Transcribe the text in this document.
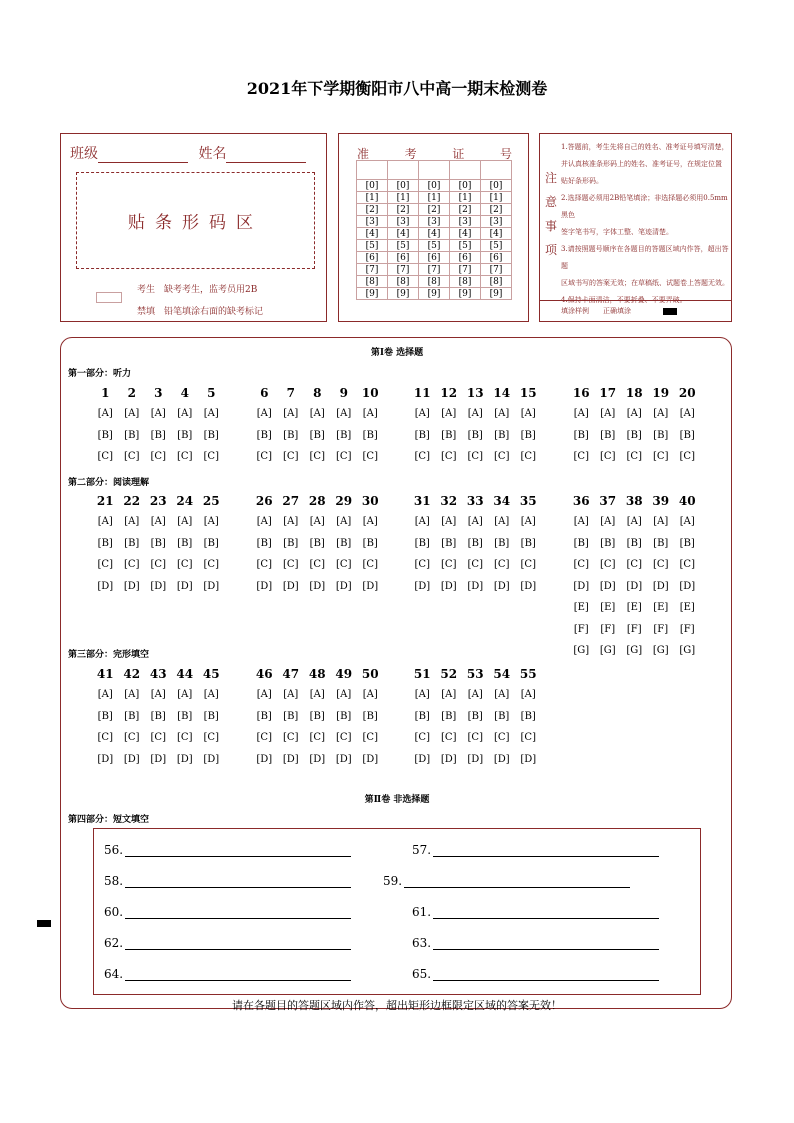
2021年下学期衡阳市八中高一期末检测卷
班级	姓名
贴条形码区
考生　缺考考生，监考员用2B
禁填　铅笔填涂右面的缺考标记
准	考	证	号

[0]	[0]	[0]	[0]	[0]
[1]	[1]	[1]	[1]	[1]
[2]	[2]	[2]	[2]	[2]
[3]	[3]	[3]	[3]	[3]
[4]	[4]	[4]	[4]	[4]
[5]	[5]	[5]	[5]	[5]
[6]	[6]	[6]	[6]	[6]
[7]	[7]	[7]	[7]	[7]
[8]	[8]	[8]	[8]	[8]
[9]	[9]	[9]	[9]	[9]
注
意
事
项
1.答题前，考生先将自己的姓名、准考证号填写清楚，
并认真核准条形码上的姓名、准考证号，在规定位置
贴好条形码。
2.选择题必须用2B铅笔填涂；非选择题必须用0.5mm黑色
签字笔书写，字体工整、笔迹清楚。
3.请按照题号顺序在各题目的答题区域内作答，超出答题
区域书写的答案无效；在草稿纸、试题卷上答题无效。
4.保持卡面清洁，不要折叠、不要弄破。
填涂样例　　 正确填涂
第Ⅰ卷 选择题
第一部分：听力
第二部分：阅读理解
第三部分：完形填空
1 2 3 4 5
[A] [A] [A] [A] [A]
[B] [B] [B] [B] [B]
[C] [C] [C] [C] [C]
6 7 8 9 10
[A] [A] [A] [A] [A]
[B] [B] [B] [B] [B]
[C] [C] [C] [C] [C]
11 12 13 14 15
[A] [A] [A] [A] [A]
[B] [B] [B] [B] [B]
[C] [C] [C] [C] [C]
16 17 18 19 20
[A] [A] [A] [A] [A]
[B] [B] [B] [B] [B]
[C] [C] [C] [C] [C]
21 22 23 24 25
[A] [A] [A] [A] [A]
[B] [B] [B] [B] [B]
[C] [C] [C] [C] [C]
[D] [D] [D] [D] [D]
26 27 28 29 30
[A] [A] [A] [A] [A]
[B] [B] [B] [B] [B]
[C] [C] [C] [C] [C]
[D] [D] [D] [D] [D]
31 32 33 34 35
[A] [A] [A] [A] [A]
[B] [B] [B] [B] [B]
[C] [C] [C] [C] [C]
[D] [D] [D] [D] [D]
36 37 38 39 40
[A] [A] [A] [A] [A]
[B] [B] [B] [B] [B]
[C] [C] [C] [C] [C]
[D] [D] [D] [D] [D]
[E] [E] [E] [E] [E]
[F] [F] [F] [F] [F]
[G] [G] [G] [G] [G]
41 42 43 44 45
[A] [A] [A] [A] [A]
[B] [B] [B] [B] [B]
[C] [C] [C] [C] [C]
[D] [D] [D] [D] [D]
46 47 48 49 50
[A] [A] [A] [A] [A]
[B] [B] [B] [B] [B]
[C] [C] [C] [C] [C]
[D] [D] [D] [D] [D]
51 52 53 54 55
[A] [A] [A] [A] [A]
[B] [B] [B] [B] [B]
[C] [C] [C] [C] [C]
[D] [D] [D] [D] [D]
第Ⅱ卷 非选择题
第四部分：短文填空
56.	57.
58.	59.
60.	61.
62.	63.
64.	65.
请在各题目的答题区域内作答，超出矩形边框限定区域的答案无效！
